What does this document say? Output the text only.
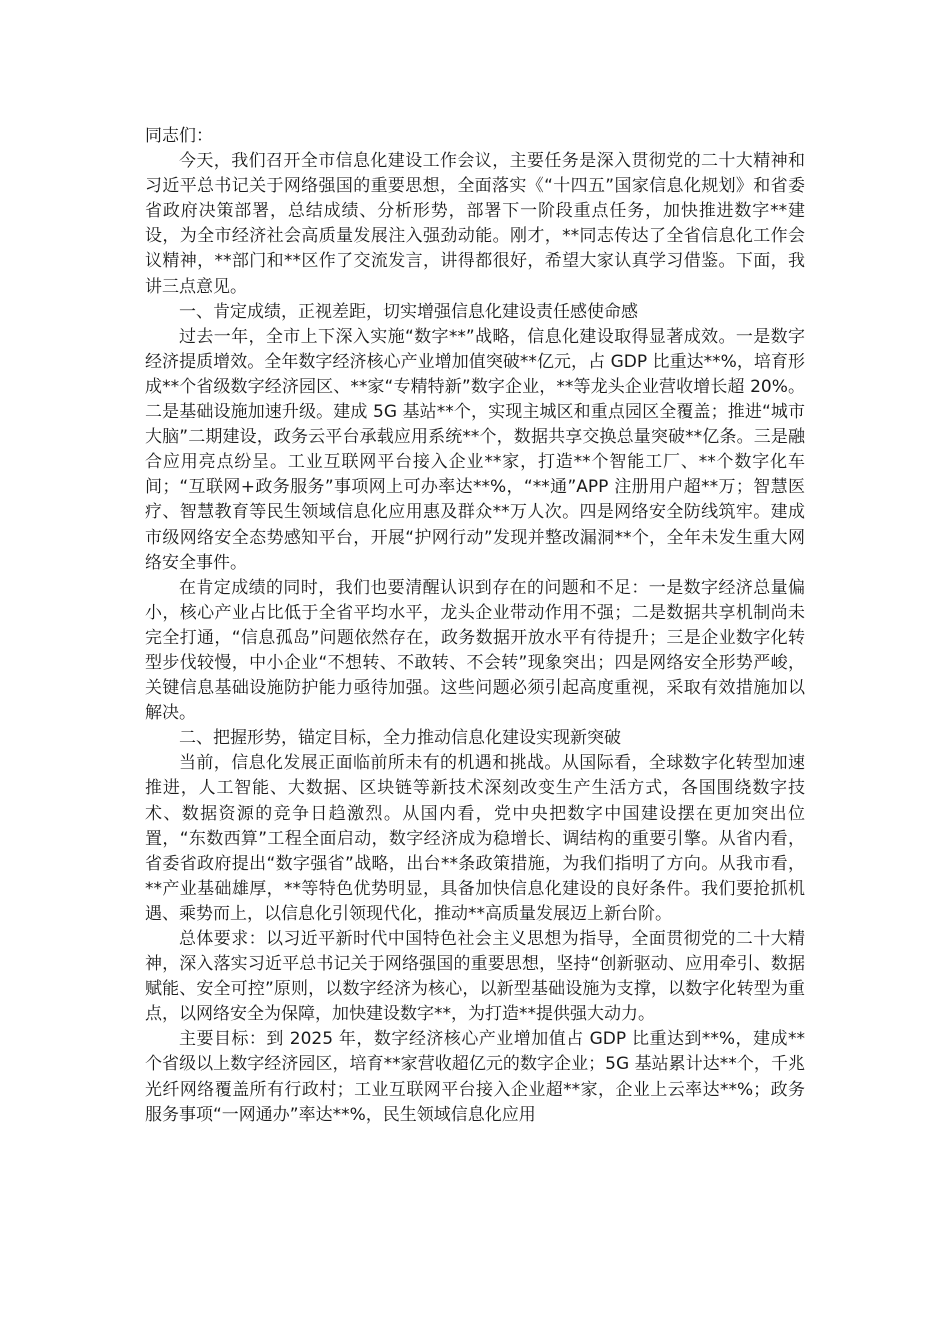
同志们：

今天，我们召开全市信息化建设工作会议，主要任务是深入贯彻党的二十大精神和习近平总书记关于网络强国的重要思想，全面落实《“十四五”国家信息化规划》和省委省政府决策部署，总结成绩、分析形势，部署下一阶段重点任务，加快推进数字**建设，为全市经济社会高质量发展注入强劲动能。刚才，**同志传达了全省信息化工作会议精神，**部门和**区作了交流发言，讲得都很好，希望大家认真学习借鉴。下面，我讲三点意见。

一、肯定成绩，正视差距，切实增强信息化建设责任感使命感

过去一年，全市上下深入实施“数字**”战略，信息化建设取得显著成效。一是数字经济提质增效。全年数字经济核心产业增加值突破**亿元，占 GDP 比重达**%，培育形成**个省级数字经济园区、**家“专精特新”数字企业，**等龙头企业营收增长超 20%。二是基础设施加速升级。建成 5G 基站**个，实现主城区和重点园区全覆盖；推进“城市大脑”二期建设，政务云平台承载应用系统**个，数据共享交换总量突破**亿条。三是融合应用亮点纷呈。工业互联网平台接入企业**家，打造**个智能工厂、**个数字化车间；“互联网+政务服务”事项网上可办率达**%，“**通”APP 注册用户超**万；智慧医疗、智慧教育等民生领域信息化应用惠及群众**万人次。四是网络安全防线筑牢。建成市级网络安全态势感知平台，开展“护网行动”发现并整改漏洞**个，全年未发生重大网络安全事件。

在肯定成绩的同时，我们也要清醒认识到存在的问题和不足：一是数字经济总量偏小，核心产业占比低于全省平均水平，龙头企业带动作用不强；二是数据共享机制尚未完全打通，“信息孤岛”问题依然存在，政务数据开放水平有待提升；三是企业数字化转型步伐较慢，中小企业“不想转、不敢转、不会转”现象突出；四是网络安全形势严峻，关键信息基础设施防护能力亟待加强。这些问题必须引起高度重视，采取有效措施加以解决。

二、把握形势，锚定目标，全力推动信息化建设实现新突破

当前，信息化发展正面临前所未有的机遇和挑战。从国际看，全球数字化转型加速推进，人工智能、大数据、区块链等新技术深刻改变生产生活方式，各国围绕数字技术、数据资源的竞争日趋激烈。从国内看，党中央把数字中国建设摆在更加突出位置，“东数西算”工程全面启动，数字经济成为稳增长、调结构的重要引擎。从省内看，省委省政府提出“数字强省”战略，出台**条政策措施，为我们指明了方向。从我市看，**产业基础雄厚，**等特色优势明显，具备加快信息化建设的良好条件。我们要抢抓机遇、乘势而上，以信息化引领现代化，推动**高质量发展迈上新台阶。

总体要求：以习近平新时代中国特色社会主义思想为指导，全面贯彻党的二十大精神，深入落实习近平总书记关于网络强国的重要思想，坚持“创新驱动、应用牵引、数据赋能、安全可控”原则，以数字经济为核心，以新型基础设施为支撑，以数字化转型为重点，以网络安全为保障，加快建设数字**，为打造**提供强大动力。

主要目标：到 2025 年，数字经济核心产业增加值占 GDP 比重达到**%，建成**个省级以上数字经济园区，培育**家营收超亿元的数字企业；5G 基站累计达**个，千兆光纤网络覆盖所有行政村；工业互联网平台接入企业超**家，企业上云率达**%；政务服务事项“一网通办”率达**%，民生领域信息化应用
